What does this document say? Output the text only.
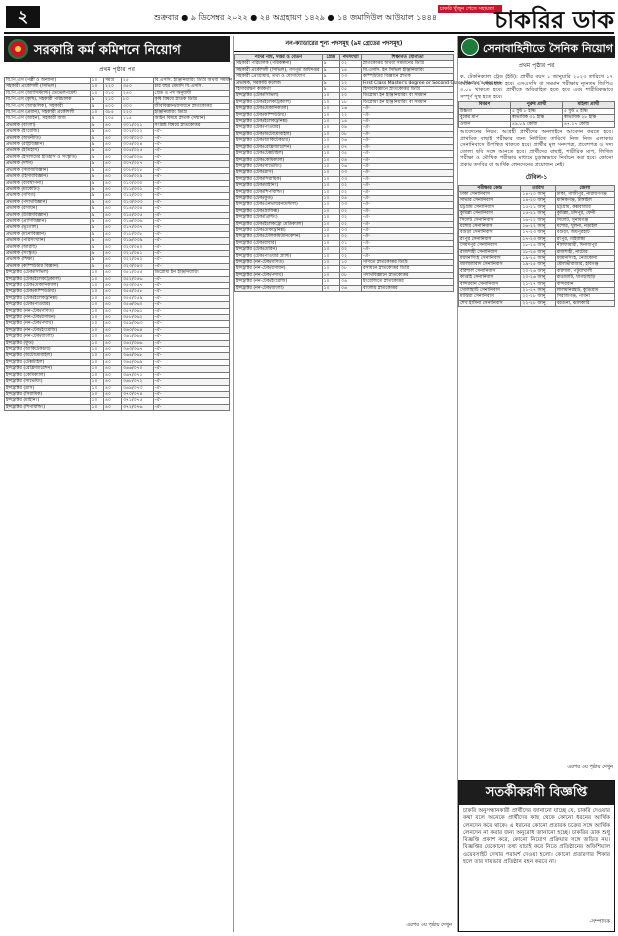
২	শুক্রবার ● ৯ ডিসেম্বর ২০২২ ● ২৪ অগ্রহায়ণ ১৪২৯ ● ১৪ জমাদিউল আউয়াল ১৪৪৪
চাকরি খুঁজুন পেতে সহায়তা চাকরির ডাক
সরকারি কর্ম কমিশনে নিয়োগ
প্রথম পৃষ্ঠার পর
বি.পি.এস (পল্লী ও অন্যান্য)	১০	সমগ্র	২৫	বি.এসসি. ইঞ্জিনিয়ারিং ডিগ্রি অথবা সমমান
সহকারী প্রকৌশলী (সিভিল)	১০	২২০	৩৫০	চার বছর মেয়াদি বি.এসসি.
বি.পি.এস (অ্যাসিস্ট্যান্ট) ডেভেলপমেন্ট	১০	৩১০	২৪০	গ্রেড ও পদ অনুযায়ী
বি.পি.এস (কৃষি), সহকারী পরিচালক	৯	২১০	৮০	কৃষি বিষয়ে স্নাতক ডিগ্রি
বি.পি.এস (আঞ্চলিক), সহকারী	৯	৪০০	৩০০	জীববিজ্ঞান/রসায়নে স্নাতকোত্তর
বি.পি.এস (প্রধান), সহকারী প্রকৌশলী	১০	৩৮৫	২২০	ইঞ্জিনিয়ারিং ডিগ্রি
বি.পি.এস (আইন), সহকারী জজ	৯	২০৫	১১৫	আইন বিষয়ে স্নাতক (সম্মান)
প্রভাষক (বাংলা)	৯	৪০	৩০১/৩২১	সংশ্লিষ্ট বিষয়ে স্নাতকোত্তর
প্রভাষক (ইংরেজি)	৯	৪০	৩০২/৩২২	-ঐ-
প্রভাষক (অর্থনীতি)	৯	৪০	৩০৩/৩২৩	-ঐ-
প্রভাষক (রাষ্ট্রবিজ্ঞান)	৯	৪০	৩০৪/৩২৪	-ঐ-
প্রভাষক (ইতিহাস)	৯	৪০	৩০৫/৩২৫	-ঐ-
প্রভাষক (ইসলামের ইতিহাস ও সংস্কৃতি)	৯	৪০	৩০৬/৩২৬	-ঐ-
প্রভাষক (দর্শন)	৯	৪০	৩০৭/৩২৭	-ঐ-
প্রভাষক (সমাজবিজ্ঞান)	৯	৪০	৩০৮/৩২৮	-ঐ-
প্রভাষক (হিসাববিজ্ঞান)	৯	৪০	৩০৯/৩২৯	-ঐ-
প্রভাষক (ব্যবস্থাপনা)	৯	৪০	৩১০/৩৩০	-ঐ-
প্রভাষক (মার্কেটিং)	৯	৪০	৩১১/৩৩১	-ঐ-
প্রভাষক (গণিত)	৯	৪০	৩১২/৩৩২	-ঐ-
প্রভাষক (পদার্থবিজ্ঞান)	৯	৪০	৩১৩/৩৩৩	-ঐ-
প্রভাষক (রসায়ন)	৯	৪০	৩১৪/৩৩৪	-ঐ-
প্রভাষক (উদ্ভিদবিজ্ঞান)	৯	৪০	৩১৫/৩৩৫	-ঐ-
প্রভাষক (প্রাণিবিজ্ঞান)	৯	৪০	৩১৬/৩৩৬	-ঐ-
প্রভাষক (ভূগোল)	৯	৪০	৩১৭/৩৩৭	-ঐ-
প্রভাষক (মনোবিজ্ঞান)	৯	৪০	৩১৮/৩৩৮	-ঐ-
প্রভাষক (পরিসংখ্যান)	৯	৪০	৩১৯/৩৩৯	-ঐ-
প্রভাষক (আরবি)	৯	৪০	৩২০/৩৪০	-ঐ-
প্রভাষক (সংস্কৃত)	৯	৪০	৩২১/৩৪১	-ঐ-
প্রভাষক (শিক্ষা)	৯	৪০	৩২২/৩৪২	-ঐ-
প্রভাষক (কম্পিউটার বিজ্ঞান)	৯	৪০	৩২৩/৩৪৩	-ঐ-
ইন্সট্রাক্টর (টেক/সিভিল)	১০	৪০	৩৫১/৩৫৫	ডিপ্লোমা ইন ইঞ্জিনিয়ারিং
ইন্সট্রাক্টর (টেক/ইলেকট্রিক্যাল)	১০	৪০	৩৫২/৩৫৬	-ঐ-
ইন্সট্রাক্টর (টেক/মেকানিক্যাল)	১০	৪০	৩৫৩/৩৫৭	-ঐ-
ইন্সট্রাক্টর (টেক/কম্পিউটার)	১০	৪০	৩৫৪/৩৫৮	-ঐ-
ইন্সট্রাক্টর (টেক/ইলেকট্রনিক্স)	১০	৪০	৩৫৫/৩৫৯	-ঐ-
ইন্সট্রাক্টর (টেক/পাওয়ার)	১০	৪০	৩৫৬/৩৬০	-ঐ-
ইন্সট্রাক্টর (নন-টেক/গণিত)	১০	৪০	৩৫৭/৩৬১	-ঐ-
ইন্সট্রাক্টর (নন-টেক/রসায়ন)	১০	৪০	৩৫৮/৩৬২	-ঐ-
ইন্সট্রাক্টর (নন-টেক/পদার্থ)	১০	৪০	৩৫৯/৩৬৩	-ঐ-
ইন্সট্রাক্টর (নন-টেক/ইংরেজি)	১০	৪০	৩৬০/৩৬৪	-ঐ-
ইন্সট্রাক্টর (নন-টেক/বাংলা)	১০	৪০	৩৬১/৩৬৫	-ঐ-
ইন্সট্রাক্টর (ফুড)	১০	৪০	৩৬২/৩৬৬	-ঐ-
ইন্সট্রাক্টর (আর্কিটেকচার)	১০	৪০	৩৬৩/৩৬৭	-ঐ-
ইন্সট্রাক্টর (অটোমোবাইল)	১০	৪০	৩৬৪/৩৬৮	-ঐ-
ইন্সট্রাক্টর (টেক্সটাইল)	১০	৪০	৩৬৫/৩৬৯	-ঐ-
ইন্সট্রাক্টর (রেফ্রিজারেশন)	১০	৪০	৩৬৬/৩৭০	-ঐ-
ইন্সট্রাক্টর (কেমিক্যাল)	১০	৪০	৩৬৭/৩৭১	-ঐ-
ইন্সট্রাক্টর (সার্ভেয়িং)	১০	৪০	৩৬৮/৩৭২	-ঐ-
ইন্সট্রাক্টর (গ্লাস)	১০	৪০	৩৬৯/৩৭৩	-ঐ-
ইন্সট্রাক্টর (সিরামিক)	১০	৪০	৩৭০/৩৭৪	-ঐ-
ইন্সট্রাক্টর (মাইনিং)	১০	৪০	৩৭১/৩৭৫	-ঐ-
ইন্সট্রাক্টর (শিপবিল্ডিং)	১০	৪০	৩৭২/৩৭৬	-ঐ-
নন-ক্যাডারের শূন্য পদসমূহ (৯ম গ্রেডের পদসমূহ)
পদের নাম, দপ্তর ও বেতন	গ্রেড	পদসংখ্যা	শিক্ষাগত যোগ্যতা
সহকারী পরিচালক (পরিকল্পনা)	৯	০২	স্নাতকোত্তর অথবা সমমানের ডিগ্রি
সহকারী প্রকৌশলী (সিভিল), গণপূর্ত অধিদপ্তর	৯	১৫	বি.এসসি. ইন সিভিল ইঞ্জিনিয়ারিং
সহকারী প্রোগ্রামার, তথ্য ও যোগাযোগ	৯	০৩	কম্পিউটার বিজ্ঞানে স্নাতক
প্রভাষক, সরকারি কলেজ	৯	১২	First Class Master's degree or Second Class Master's degree
হিসাবরক্ষণ কর্মকর্তা	৯	০৫	হিসাববিজ্ঞানে স্নাতকোত্তর ডিগ্রি
ইন্সট্রাক্টর (টেক/সিভিল)	১০	২০	ডিপ্লোমা ইন ইঞ্জিনিয়ারিং বা সমমান
ইন্সট্রাক্টর (টেক/ইলেকট্রিক্যাল)	১০	১৮	ডিপ্লোমা ইন ইঞ্জিনিয়ারিং বা সমমান
ইন্সট্রাক্টর (টেক/মেকানিক্যাল)	১০	১৬	-ঐ-
ইন্সট্রাক্টর (টেক/কম্পিউটার)	১০	২২	-ঐ-
ইন্সট্রাক্টর (টেক/ইলেকট্রনিক্স)	১০	১৪	-ঐ-
ইন্সট্রাক্টর (টেক/পাওয়ার)	১০	০৯	-ঐ-
ইন্সট্রাক্টর (টেক/অটোমোবাইল)	১০	০৮	-ঐ-
ইন্সট্রাক্টর (টেক/আর্কিটেকচার)	১০	০৬	-ঐ-
ইন্সট্রাক্টর (টেক/রেফ্রিজারেশন)	১০	০৭	-ঐ-
ইন্সট্রাক্টর (টেক/টেক্সটাইল)	১০	০৫	-ঐ-
ইন্সট্রাক্টর (টেক/কেমিক্যাল)	১০	০৪	-ঐ-
ইন্সট্রাক্টর (টেক/সার্ভেয়িং)	১০	০৬	-ঐ-
ইন্সট্রাক্টর (টেক/গ্লাস)	১০	০৩	-ঐ-
ইন্সট্রাক্টর (টেক/সিরামিক)	১০	০৩	-ঐ-
ইন্সট্রাক্টর (টেক/মাইনিং)	১০	০২	-ঐ-
ইন্সট্রাক্টর (টেক/শিপবিল্ডিং)	১০	০২	-ঐ-
ইন্সট্রাক্টর (টেক/ফুড)	১০	০৪	-ঐ-
ইন্সট্রাক্টর (টেক/এনভায়রনমেন্টাল)	১০	০৩	-ঐ-
ইন্সট্রাক্টর (টেক/গ্রাফিক্স)	১০	০২	-ঐ-
ইন্সট্রাক্টর (টেক/প্রিন্টিং)	১০	০২	-ঐ-
ইন্সট্রাক্টর (টেক/ইলেকট্রো মেডিক্যাল)	১০	০২	-ঐ-
ইন্সট্রাক্টর (টেক/মেকাট্রনিক্স)	১০	০৩	-ঐ-
ইন্সট্রাক্টর (টেক/টেলিকমিউনিকেশন)	১০	০২	-ঐ-
ইন্সট্রাক্টর (টেক/রাবার)	১০	০১	-ঐ-
ইন্সট্রাক্টর (টেক/মেরিন)	১০	০২	-ঐ-
ইন্সট্রাক্টর (টেক/পাওয়ার প্ল্যান্ট)	১০	০২	-ঐ-
ইন্সট্রাক্টর (নন-টেক/গণিত)	১০	১০	গণিতে স্নাতকোত্তর ডিগ্রি
ইন্সট্রাক্টর (নন-টেক/রসায়ন)	১০	০৮	রসায়নে স্নাতকোত্তর ডিগ্রি
ইন্সট্রাক্টর (নন-টেক/পদার্থ)	১০	০৮	পদার্থবিজ্ঞানে স্নাতকোত্তর
ইন্সট্রাক্টর (নন-টেক/ইংরেজি)	১০	০৬	ইংরেজিতে স্নাতকোত্তর
ইন্সট্রাক্টর (নন-টেক/বাংলা)	১০	০৬	বাংলায় স্নাতকোত্তর
এরপর ৩য় পৃষ্ঠায় দেখুন
সেনাবাহিনীতে সৈনিক নিয়োগ
প্রথম পৃষ্ঠার পর
ক. টেকনিক্যাল ট্রেড (ইউ): প্রার্থীর বয়স ১ জানুয়ারি ২০২৩ তারিখে ১৭ থেকে ২০ বছর হতে হবে। এসএসসি বা সমমান পরীক্ষায় ন্যূনতম জিপিএ ৩.০০ থাকতে হবে। প্রার্থীকে অবিবাহিত হতে হবে এবং শারীরিকভাবে সম্পূর্ণ সুস্থ হতে হবে।
বিবরণ	পুরুষ প্রার্থী	মহিলা প্রার্থী
উচ্চতা	৫ ফুট ৮ ইঞ্চি	৫ ফুট ৪ ইঞ্চি
বুকের মাপ	স্বাভাবিক ৩১ ইঞ্চি	স্বাভাবিক ২৮ ইঞ্চি
ওজন	৪৯.৮৯ কেজি	৪৭.১৭ কেজি
আবেদনের নিয়ম: আগ্রহী প্রার্থীদের অনলাইনে আবেদন করতে হবে। প্রাথমিক বাছাই পরীক্ষার জন্য নির্ধারিত তারিখে নিজ নিজ এলাকার সেনানিবাসে উপস্থিত থাকতে হবে। প্রার্থীর মূল সনদপত্র, প্রবেশপত্র ও সদ্য তোলা ছবি সঙ্গে আনতে হবে। প্রার্থীদের বাছাই, শারীরিক মাপ, লিখিত পরীক্ষা ও মৌখিক পরীক্ষার মাধ্যমে চূড়ান্তভাবে নির্বাচন করা হবে। কোনো প্রকার তদবির বা আর্থিক লেনদেনের প্রয়োজন নেই।
টেবিল-১
পরীক্ষার কেন্দ্র	তারিখ	জেলা
ঢাকা সেনানিবাস	১৪-২০ জানু	ঢাকা, গাজীপুর, নারায়ণগঞ্জ
সাভার সেনানিবাস	১৪-২০ জানু	মানিকগঞ্জ, টাঙ্গাইল
চট্টগ্রাম সেনানিবাস	১৫-২১ জানু	চট্টগ্রাম, কক্সবাজার
কুমিল্লা সেনানিবাস	১৫-২১ জানু	কুমিল্লা, চাঁদপুর, ফেনী
সিলেট সেনানিবাস	১৬-২২ জানু	সিলেট, সুনামগঞ্জ
যশোর সেনানিবাস	১৬-২২ জানু	যশোর, খুলনা, নড়াইল
বগুড়া সেনানিবাস	১৭-২৩ জানু	বগুড়া, জয়পুরহাট
রংপুর সেনানিবাস	১৭-২৩ জানু	রংপুর, গাইবান্ধা
সৈয়দপুর সেনানিবাস	১৮-২৪ জানু	নীলফামারী, দিনাজপুর
রাজশাহী সেনানিবাস	১৮-২৪ জানু	রাজশাহী, নাটোর
ময়মনসিংহ সেনানিবাস	১৯-২৫ জানু	ময়মনসিংহ, নেত্রকোনা
জালালাবাদ সেনানিবাস	১৯-২৫ জানু	মৌলভীবাজার, হবিগঞ্জ
বরিশাল সেনানিবাস	২০-২৬ জানু	বরিশাল, পটুয়াখালী
কাপ্তাই সেনানিবাস	২০-২৬ জানু	রাঙামাটি, খাগড়াছড়ি
বান্দরবান সেনানিবাস	২১-২৭ জানু	বান্দরবান
খোলাহাটি সেনানিবাস	২১-২৭ জানু	লালমনিরহাট, কুড়িগ্রাম
মাঝিরা সেনানিবাস	২২-২৮ জানু	সিরাজগঞ্জ, পাবনা
শেখ হাসিনা সেনানিবাস	২২-২৮ জানু	বরগুনা, ঝালকাঠি
এরপর ৩য় পৃষ্ঠায় দেখুন
সতর্কীকরণী বিজ্ঞপ্তি
চাকরি অনুসন্ধানকারী প্রার্থীদের জানানো যাচ্ছে যে, চাকরি দেওয়ার কথা বলে অনেকে প্রার্থীদের কাছ থেকে কোনো ধরনের আর্থিক লেনদেন করে থাকে। এ ধরনের কোনো প্রতারক চক্রের সঙ্গে আর্থিক লেনদেন না করার জন্য অনুরোধ জানানো হচ্ছে। চাকরির ডাক শুধু বিজ্ঞপ্তি প্রকাশ করে, কোনো নিয়োগ প্রক্রিয়ার সঙ্গে জড়িত নয়। বিজ্ঞপ্তির যেকোনো তথ্য যাচাই করে নিতে প্রতিষ্ঠানের অফিশিয়াল ওয়েবসাইট দেখার পরামর্শ দেওয়া হলো। কোনো প্রতারণার শিকার হলে তার দায়ভার প্রতিষ্ঠান বহন করবে না।
-সম্পাদক
